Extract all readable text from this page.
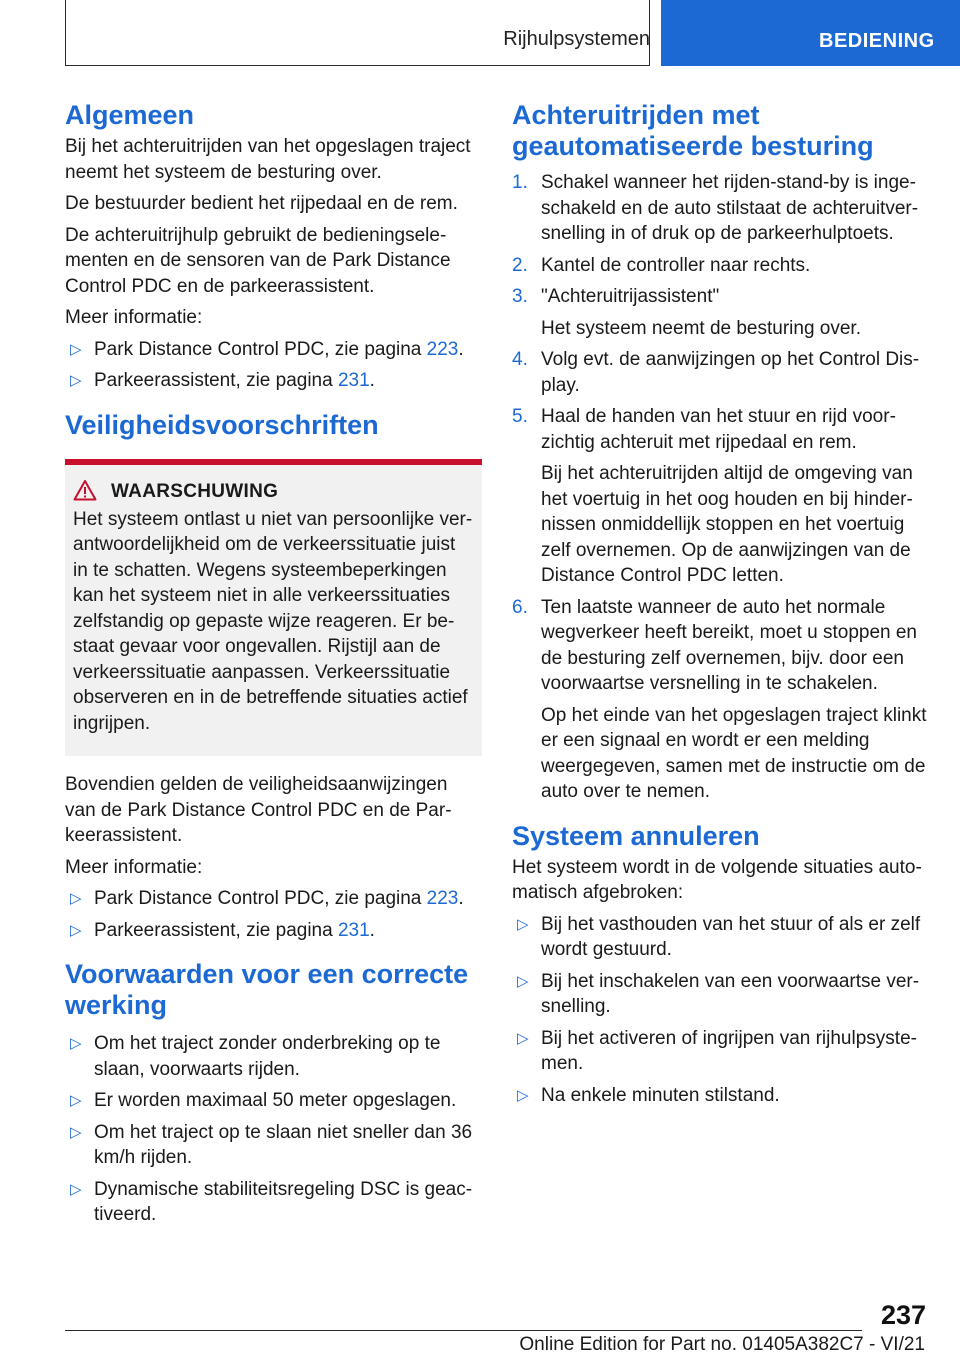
Rijhulpsystemen	BEDIENING
Algemeen

Bij het achteruitrijden van het opgeslagen traject neemt het systeem de besturing over.

De bestuurder bedient het rijpedaal en de rem.

De achteruitrijhulp gebruikt de bedieningselementen en de sensoren van de Park Distance Control PDC en de parkeerassistent.

Meer informatie:

▷ Park Distance Control PDC, zie pagina 223.
▷ Parkeerassistent, zie pagina 231.
Veiligheidsvoorschriften
WAARSCHUWING

Het systeem ontlast u niet van persoonlijke verantwoordelijkheid om de verkeerssituatie juist in te schatten. Wegens systeembeperkingen kan het systeem niet in alle verkeerssituaties zelfstandig op gepaste wijze reageren. Er bestaat gevaar voor ongevallen. Rijstijl aan de verkeerssituatie aanpassen. Verkeerssituatie observeren en in de betreffende situaties actief ingrijpen.

Bovendien gelden de veiligheidsaanwijzingen van de Park Distance Control PDC en de Parkeerassistent.

Meer informatie:

▷ Park Distance Control PDC, zie pagina 223.
▷ Parkeerassistent, zie pagina 231.
Voorwaarden voor een correcte werking
▷ Om het traject zonder onderbreking op te slaan, voorwaarts rijden.
▷ Er worden maximaal 50 meter opgeslagen.
▷ Om het traject op te slaan niet sneller dan 36 km/h rijden.
▷ Dynamische stabiliteitsregeling DSC is geactiveerd.
Achteruitrijden met geautomatiseerde besturing
1. Schakel wanneer het rijden-stand-by is ingeschakeld en de auto stilstaat de achteruitversnelling in of druk op de parkeerhulptoets.
2. Kantel de controller naar rechts.
3. "Achteruitrijassistent"
Het systeem neemt de besturing over.
4. Volg evt. de aanwijzingen op het Control Display.
5. Haal de handen van het stuur en rijd voorzichtig achteruit met rijpedaal en rem.
Bij het achteruitrijden altijd de omgeving van het voertuig in het oog houden en bij hindernissen onmiddellijk stoppen en het voertuig zelf overnemen. Op de aanwijzingen van de Distance Control PDC letten.
6. Ten laatste wanneer de auto het normale wegverkeer heeft bereikt, moet u stoppen en de besturing zelf overnemen, bijv. door een voorwaartse versnelling in te schakelen.
Op het einde van het opgeslagen traject klinkt er een signaal en wordt er een melding weergegeven, samen met de instructie om de auto over te nemen.
Systeem annuleren

Het systeem wordt in de volgende situaties automatisch afgebroken:

▷ Bij het vasthouden van het stuur of als er zelf wordt gestuurd.
▷ Bij het inschakelen van een voorwaartse versnelling.
▷ Bij het activeren of ingrijpen van rijhulpsystemen.
▷ Na enkele minuten stilstand.
237
Online Edition for Part no. 01405A382C7 - VI/21
